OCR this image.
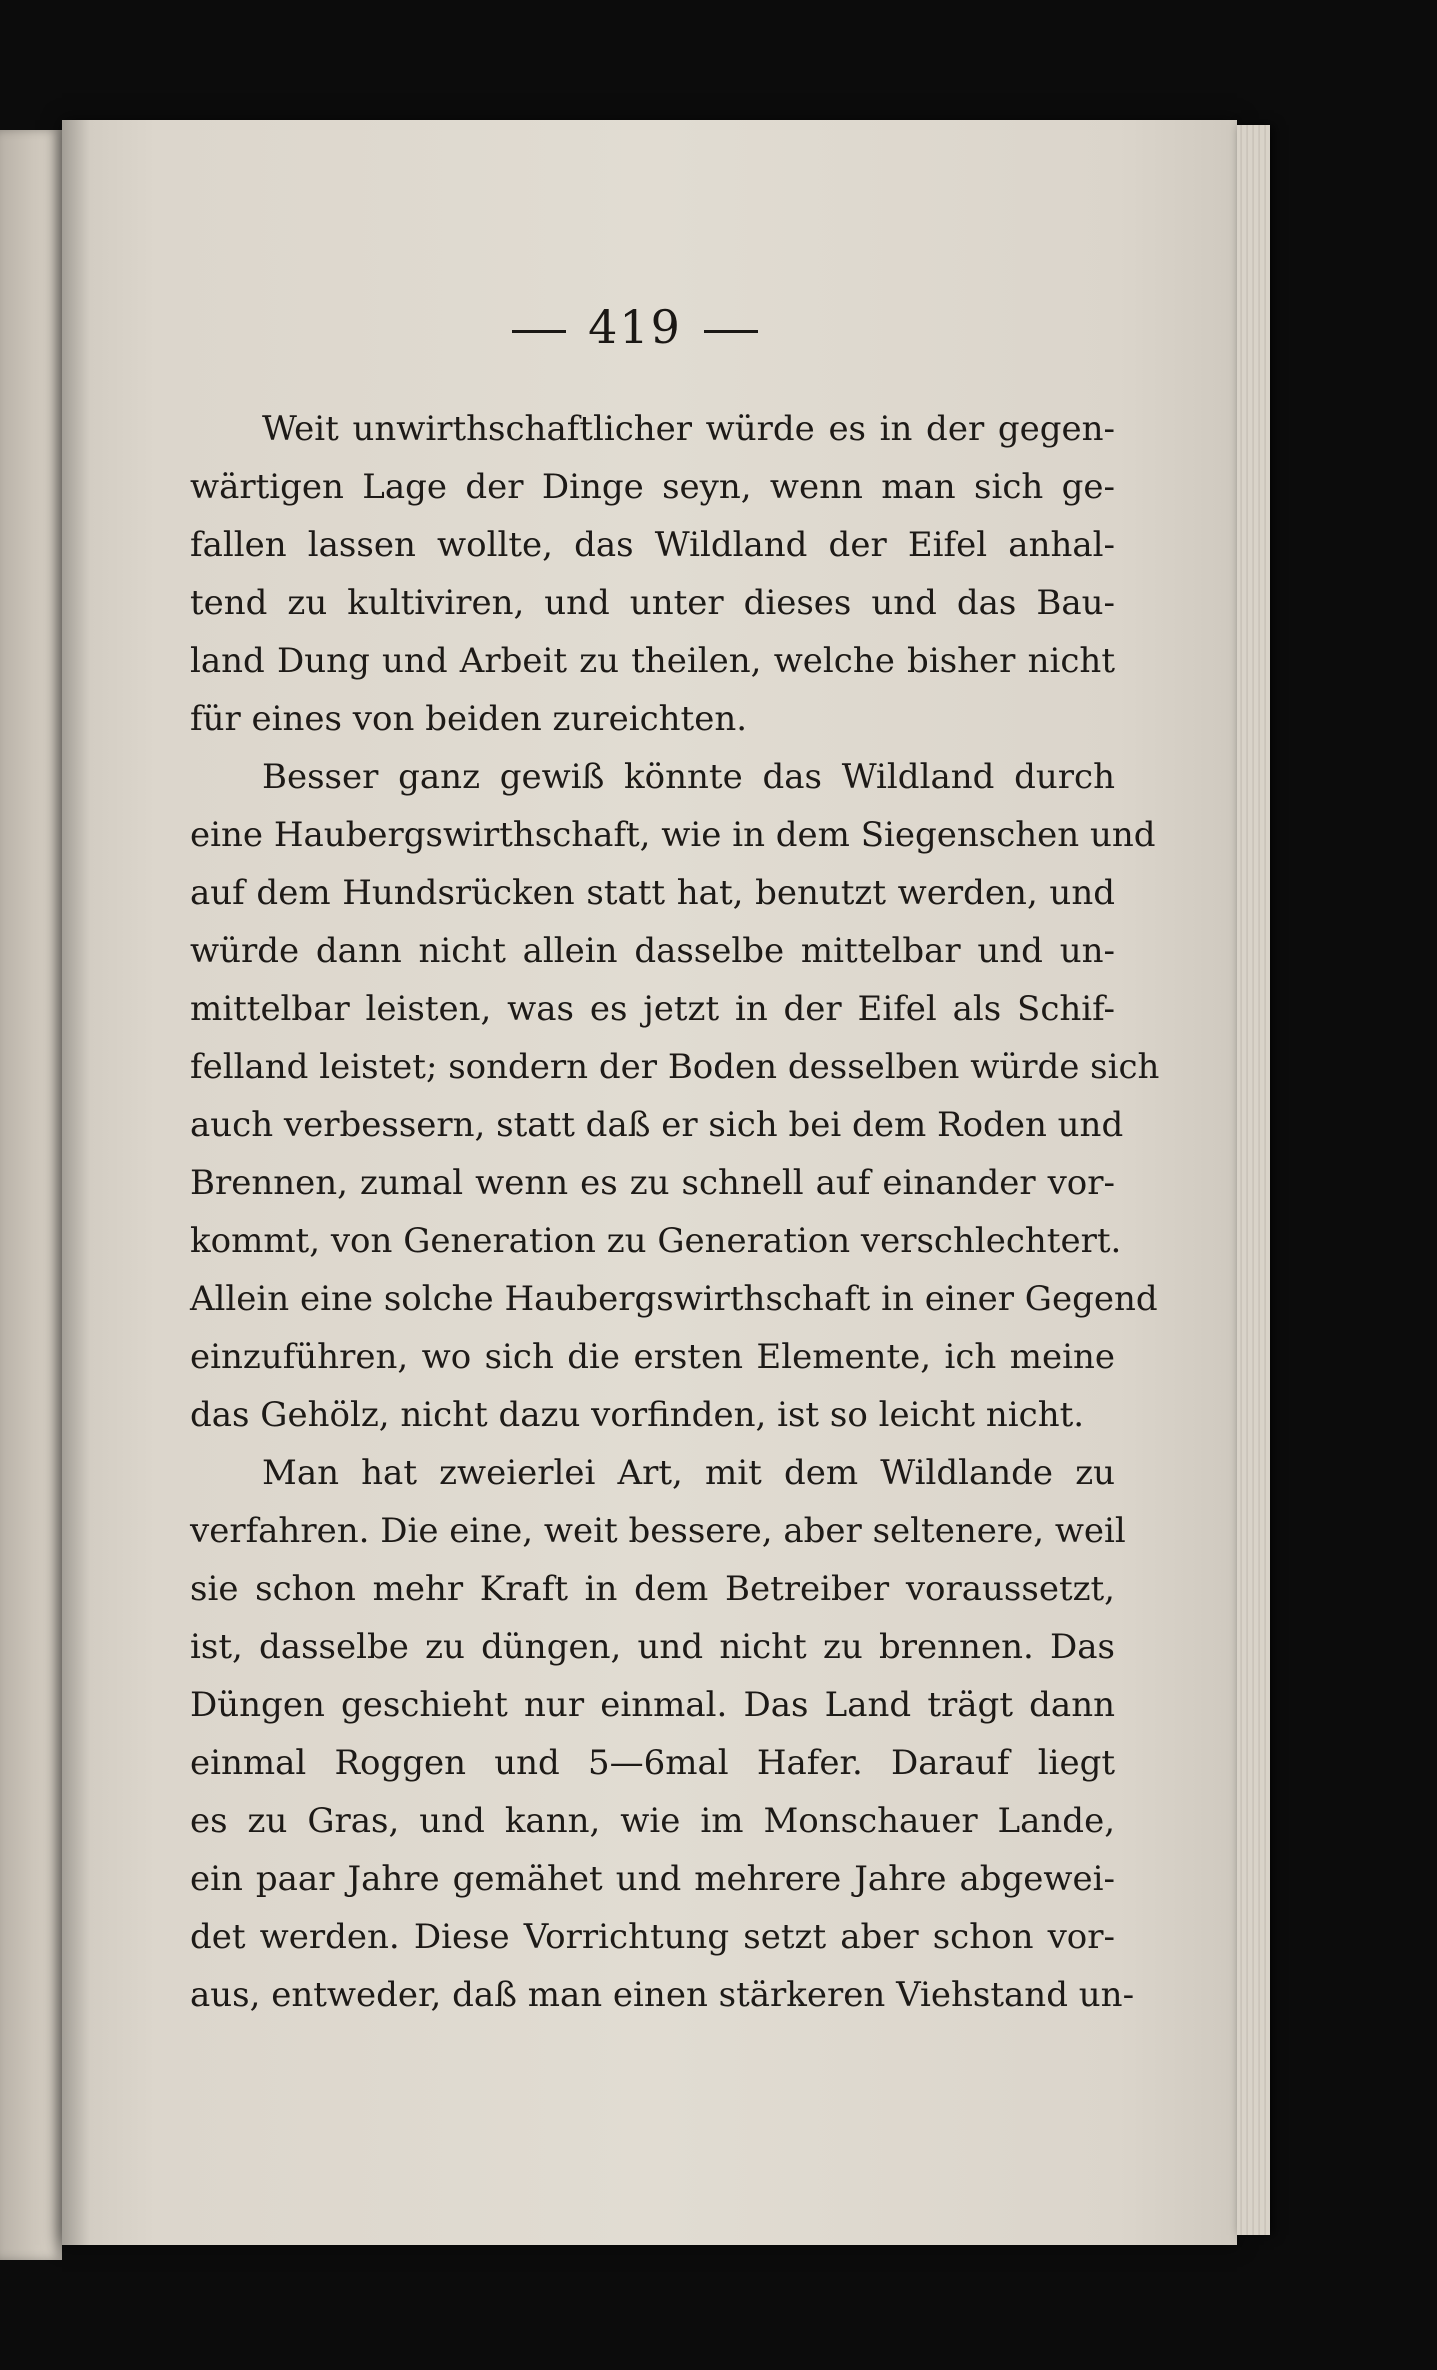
419
Weit unwirthschaftlicher würde es in der gegen-
wärtigen Lage der Dinge seyn, wenn man sich ge-
fallen lassen wollte, das Wildland der Eifel anhal-
tend zu kultiviren, und unter dieses und das Bau-
land Dung und Arbeit zu theilen, welche bisher nicht
für eines von beiden zureichten.
Besser ganz gewiß könnte das Wildland durch
eine Haubergswirthschaft, wie in dem Siegenschen und
auf dem Hundsrücken statt hat, benutzt werden, und
würde dann nicht allein dasselbe mittelbar und un-
mittelbar leisten, was es jetzt in der Eifel als Schif-
felland leistet; sondern der Boden desselben würde sich
auch verbessern, statt daß er sich bei dem Roden und
Brennen, zumal wenn es zu schnell auf einander vor-
kommt, von Generation zu Generation verschlechtert.
Allein eine solche Haubergswirthschaft in einer Gegend
einzuführen, wo sich die ersten Elemente, ich meine
das Gehölz, nicht dazu vorfinden, ist so leicht nicht.
Man hat zweierlei Art, mit dem Wildlande zu
verfahren. Die eine, weit bessere, aber seltenere, weil
sie schon mehr Kraft in dem Betreiber voraussetzt,
ist, dasselbe zu düngen, und nicht zu brennen. Das
Düngen geschieht nur einmal. Das Land trägt dann
einmal Roggen und 5—6mal Hafer. Darauf liegt
es zu Gras, und kann, wie im Monschauer Lande,
ein paar Jahre gemähet und mehrere Jahre abgewei-
det werden. Diese Vorrichtung setzt aber schon vor-
aus, entweder, daß man einen stärkeren Viehstand un-
